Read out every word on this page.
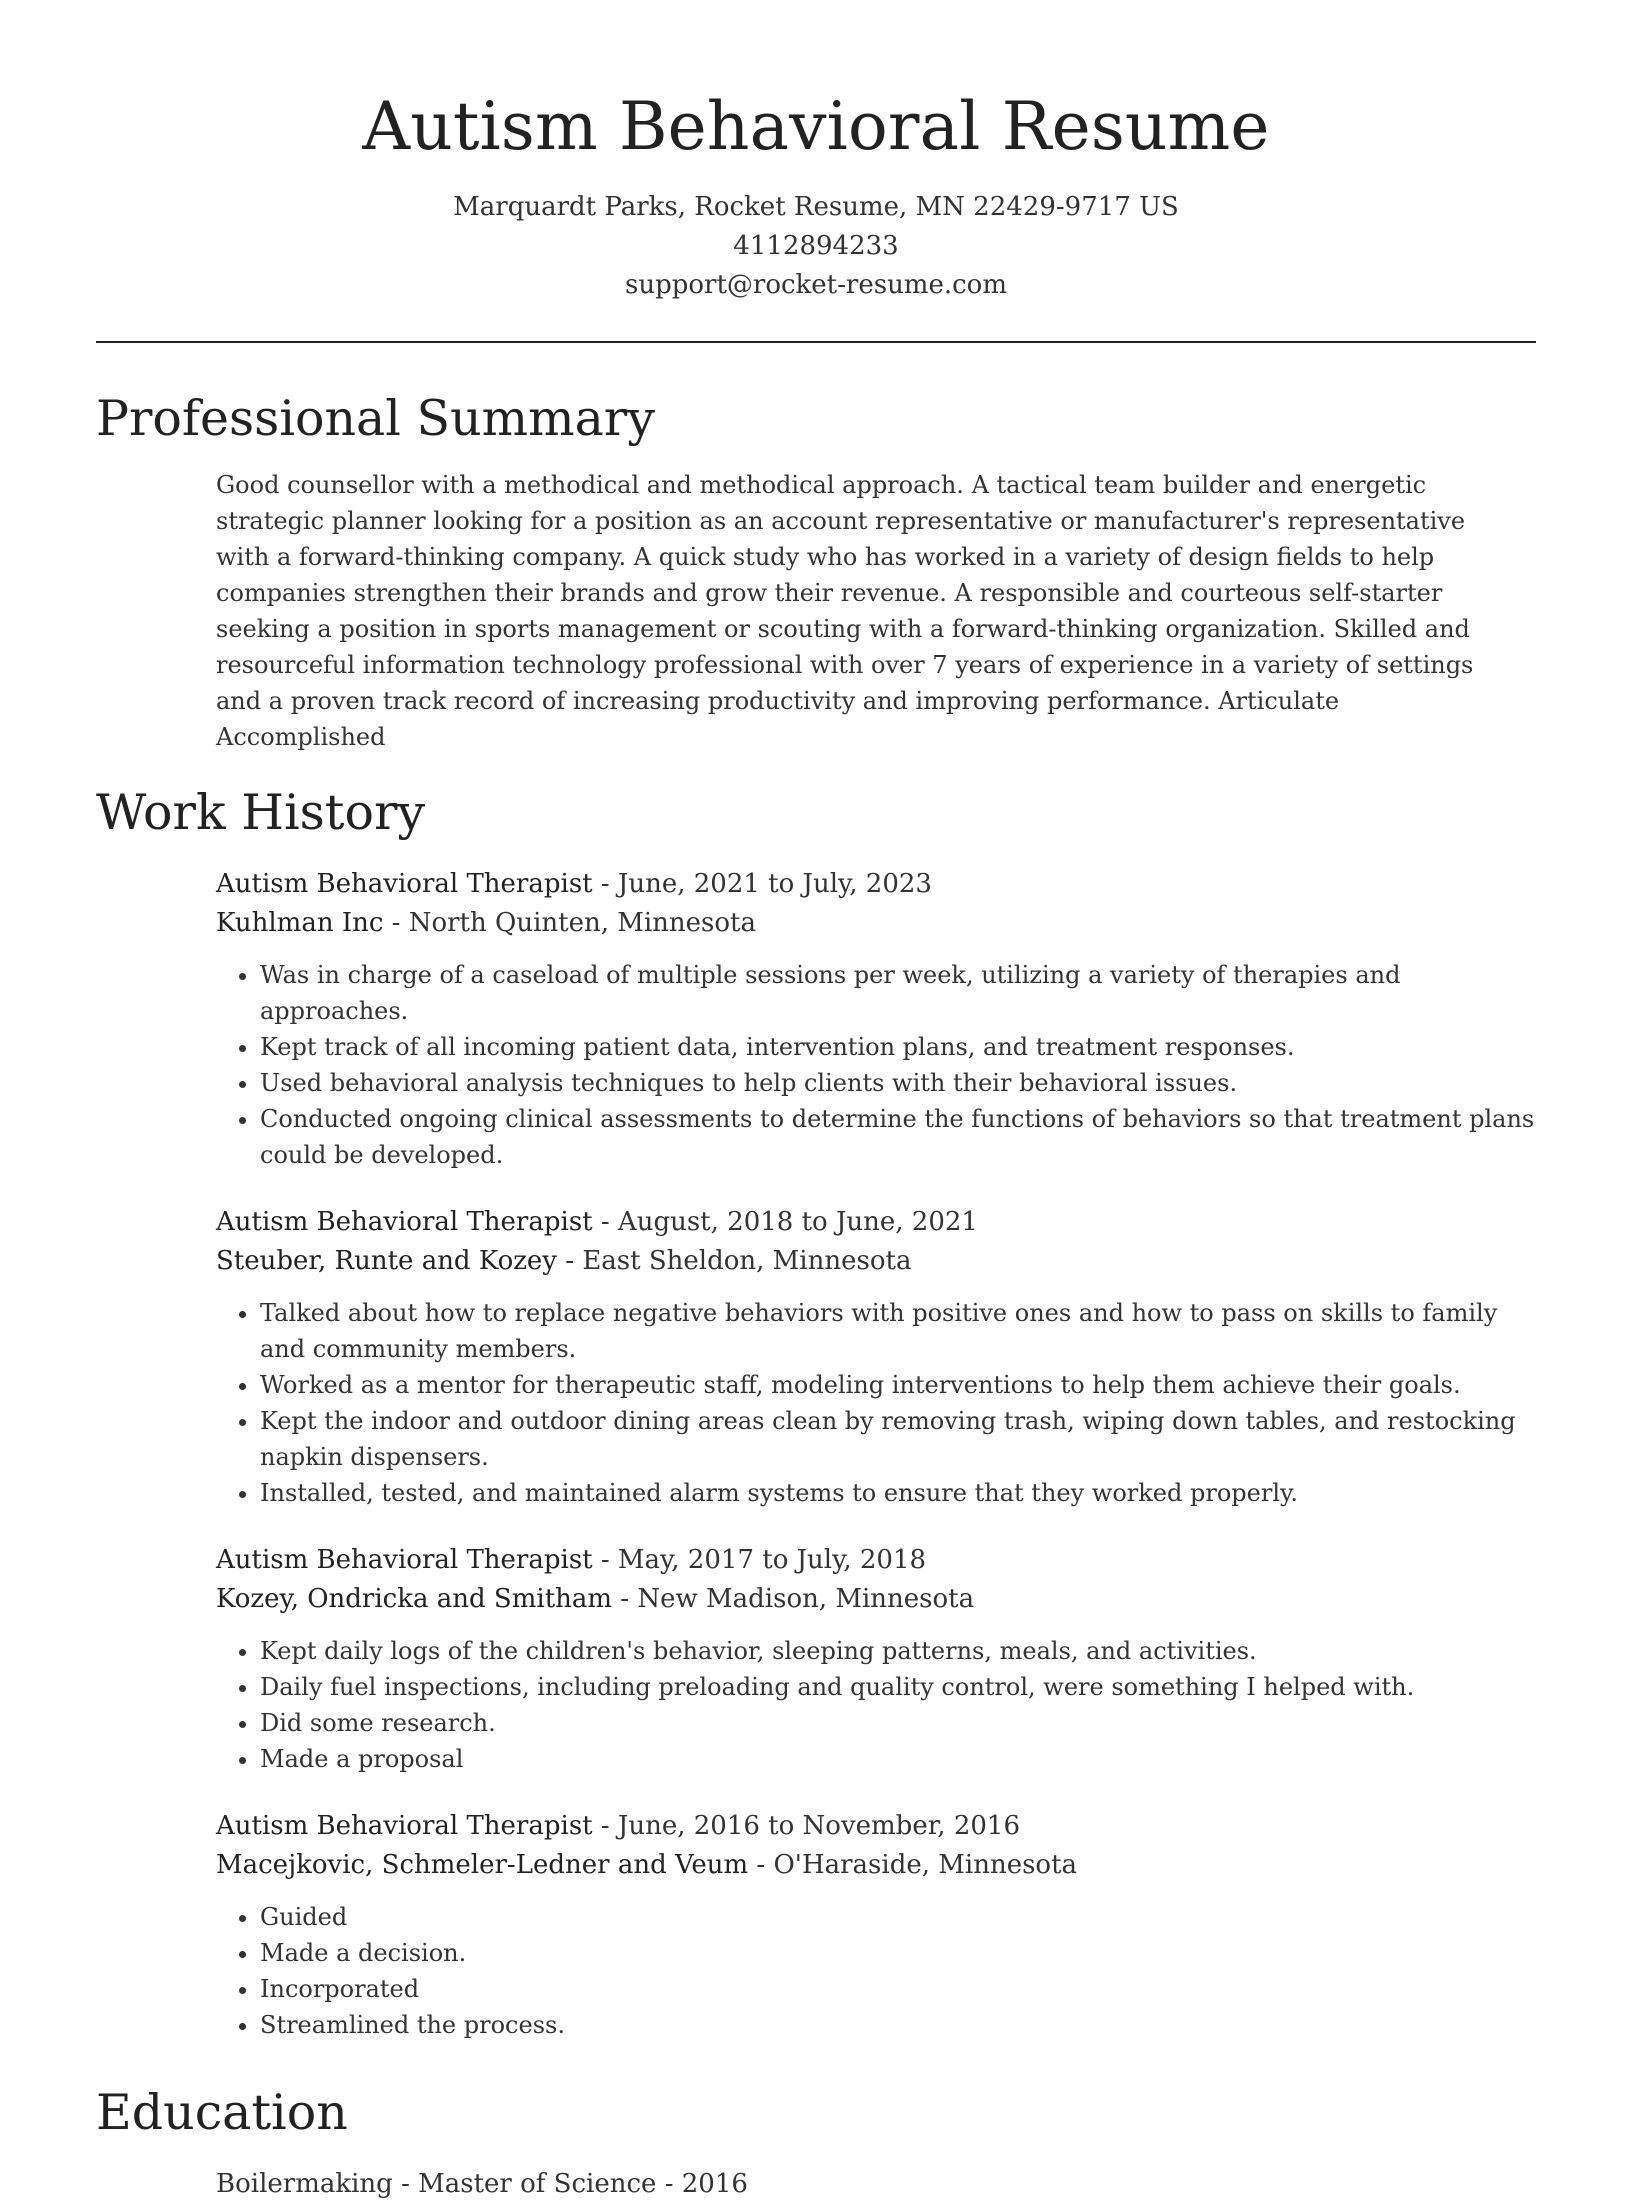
Autism Behavioral Resume
Marquardt Parks, Rocket Resume, MN 22429-9717 US
4112894233
support@rocket-resume.com
Professional Summary
Good counsellor with a methodical and methodical approach. A tactical team builder and energetic strategic planner looking for a position as an account representative or manufacturer's representative with a forward-thinking company. A quick study who has worked in a variety of design fields to help companies strengthen their brands and grow their revenue. A responsible and courteous self-starter seeking a position in sports management or scouting with a forward-thinking organization. Skilled and resourceful information technology professional with over 7 years of experience in a variety of settings and a proven track record of increasing productivity and improving performance. Articulate Accomplished
Work History
Autism Behavioral Therapist - June, 2021 to July, 2023
Kuhlman Inc - North Quinten, Minnesota
• Was in charge of a caseload of multiple sessions per week, utilizing a variety of therapies and approaches.
• Kept track of all incoming patient data, intervention plans, and treatment responses.
• Used behavioral analysis techniques to help clients with their behavioral issues.
• Conducted ongoing clinical assessments to determine the functions of behaviors so that treatment plans could be developed.
Autism Behavioral Therapist - August, 2018 to June, 2021
Steuber, Runte and Kozey - East Sheldon, Minnesota
• Talked about how to replace negative behaviors with positive ones and how to pass on skills to family and community members.
• Worked as a mentor for therapeutic staff, modeling interventions to help them achieve their goals.
• Kept the indoor and outdoor dining areas clean by removing trash, wiping down tables, and restocking napkin dispensers.
• Installed, tested, and maintained alarm systems to ensure that they worked properly.
Autism Behavioral Therapist - May, 2017 to July, 2018
Kozey, Ondricka and Smitham - New Madison, Minnesota
• Kept daily logs of the children's behavior, sleeping patterns, meals, and activities.
• Daily fuel inspections, including preloading and quality control, were something I helped with.
• Did some research.
• Made a proposal
Autism Behavioral Therapist - June, 2016 to November, 2016
Macejkovic, Schmeler-Ledner and Veum - O'Haraside, Minnesota
• Guided
• Made a decision.
• Incorporated
• Streamlined the process.
Education
Boilermaking - Master of Science - 2016
